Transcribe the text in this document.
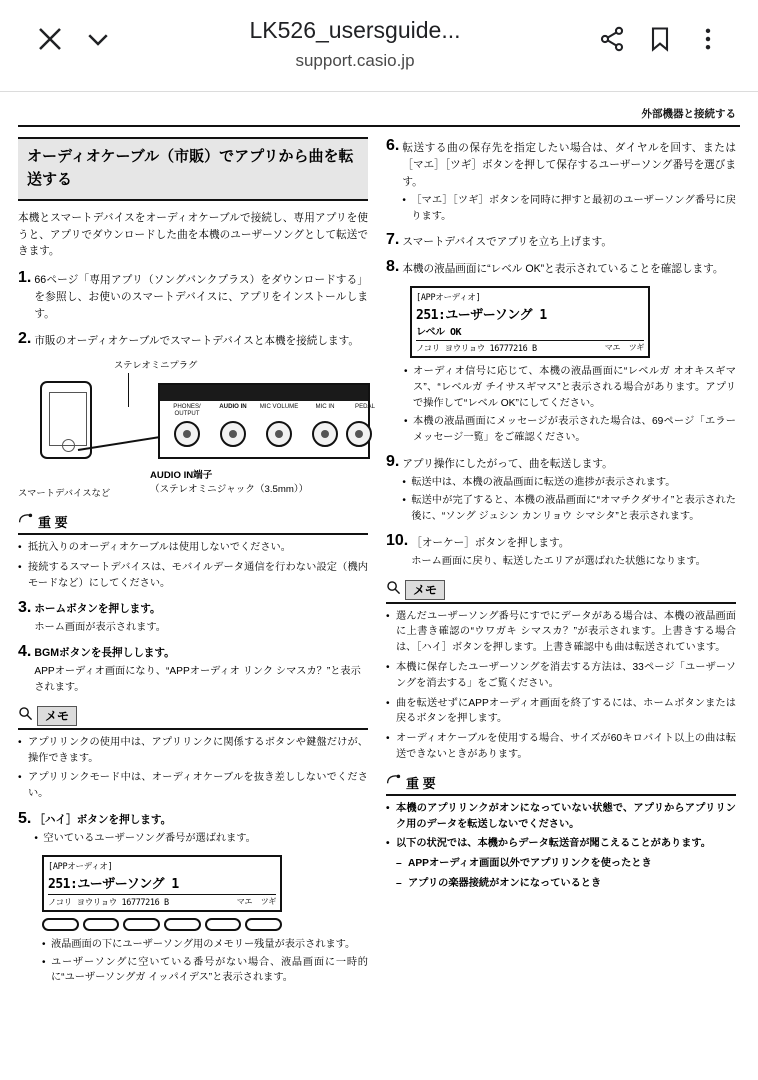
LK526_usersguide...
support.casio.jp
外部機器と接続する
オーディオケーブル（市販）でアプリから曲を転送する

本機とスマートデバイスをオーディオケーブルで接続し、専用アプリを使うと、アプリでダウンロードした曲を本機のユーザーソングとして転送できます。

1. 66ページ「専用アプリ（ソングバンクプラス）をダウンロードする」を参照し、お使いのスマートデバイスに、アプリをインストールします。
2. 市販のオーディオケーブルでスマートデバイスと本機を接続します。
ステレオミニプラグ
PHONES/
OUTPUT
AUDIO IN	MIC VOLUME	MIC IN	PEDAL
AUDIO IN端子（ステレオミニジャック（3.5mm））
スマートデバイスなど
重 要
• 抵抗入りのオーディオケーブルは使用しないでください。
• 接続するスマートデバイスは、モバイルデータ通信を行わない設定（機内モードなど）にしてください。
3. ホームボタンを押します。
ホーム画面が表示されます。
4. BGMボタンを長押しします。
APPオーディオ画面になり、“APPオーディオ リンク シマスカ？”と表示されます。
メモ
• アプリリンクの使用中は、アプリリンクに関係するボタンや鍵盤だけが、操作できます。
• アプリリンクモード中は、オーディオケーブルを抜き差ししないでください。
5. ［ハイ］ボタンを押します。
• 空いているユーザーソング番号が選ばれます。
[APPオーディオ]
251:ユーザーソング 1
ノコリ ヨウリョウ 16777216 B	マエ ツギ
• 液晶画面の下にユーザーソング用のメモリー残量が表示されます。
• ユーザーソングに空いている番号がない場合、液晶画面に一時的に“ユーザーソングガ イッパイデス”と表示されます。
6. 転送する曲の保存先を指定したい場合は、ダイヤルを回す、または［マエ］［ツギ］ボタンを押して保存するユーザーソング番号を選びます。
• ［マエ］［ツギ］ボタンを同時に押すと最初のユーザーソング番号に戻ります。
7. スマートデバイスでアプリを立ち上げます。
8. 本機の液晶画面に“レベル OK”と表示されていることを確認します。
[APPオーディオ]
251:ユーザーソング 1
レベル OK
ノコリ ヨウリョウ 16777216 B	マエ ツギ
• オーディオ信号に応じて、本機の液晶画面に“レベルガ オオキスギマス”、“レベルガ チイサスギマス”と表示される場合があります。アプリで操作して“レベル OK”にしてください。
• 本機の液晶画面にメッセージが表示された場合は、69ページ「エラーメッセージ一覧」をご確認ください。
9. アプリ操作にしたがって、曲を転送します。
• 転送中は、本機の液晶画面に転送の進捗が表示されます。
• 転送中が完了すると、本機の液晶画面に“オマチクダサイ”と表示された後に、“ソング ジュシン カンリョウ シマシタ”と表示されます。
10. ［オーケー］ボタンを押します。
ホーム画面に戻り、転送したエリアが選ばれた状態になります。
メモ
• 選んだユーザーソング番号にすでにデータがある場合は、本機の液晶画面に上書き確認の“ウワガキ シマスカ？”が表示されます。上書きする場合は、［ハイ］ボタンを押します。上書き確認中も曲は転送されています。
• 本機に保存したユーザーソングを消去する方法は、33ページ「ユーザーソングを消去する」をご覧ください。
• 曲を転送せずにAPPオーディオ画面を終了するには、ホームボタンまたは戻るボタンを押します。
• オーディオケーブルを使用する場合、サイズが60キロバイト以上の曲は転送できないときがあります。
重 要
• 本機のアプリリンクがオンになっていない状態で、アプリからアプリリンク用のデータを転送しないでください。
• 以下の状況では、本機からデータ転送音が聞こえることがあります。
– APPオーディオ画面以外でアプリリンクを使ったとき
– アプリの楽器接続がオンになっているとき
